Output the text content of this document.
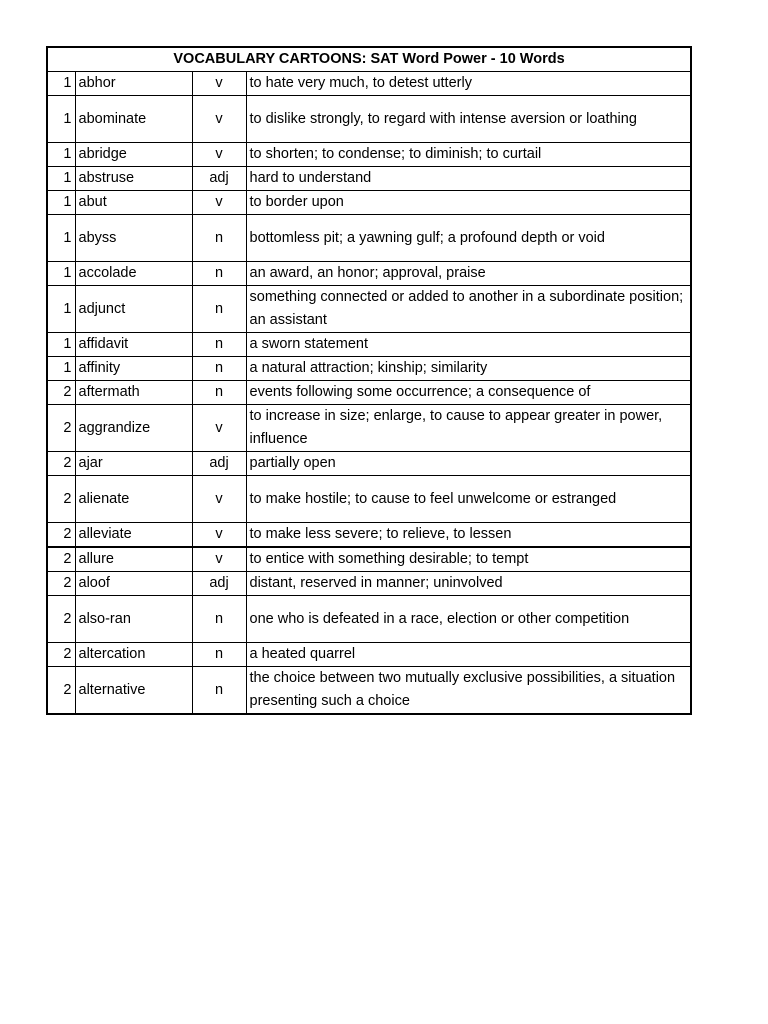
VOCABULARY CARTOONS: SAT Word Power - 10 Words			
1	abhor	v	to hate very much, to detest utterly
1	abominate	v	to dislike strongly, to regard with intense aversion or loathing
1	abridge	v	to shorten; to condense; to diminish; to curtail
1	abstruse	adj	hard to understand
1	abut	v	to border upon
1	abyss	n	bottomless pit; a yawning gulf; a profound depth or void
1	accolade	n	an award, an honor; approval, praise
1	adjunct	n	something connected or added to another in a subordinate position; an assistant
1	affidavit	n	a sworn statement
1	affinity	n	a natural attraction; kinship; similarity
2	aftermath	n	events following some occurrence; a consequence of
2	aggrandize	v	to increase in size; enlarge, to cause to appear greater in power, influence
2	ajar	adj	partially open
2	alienate	v	to make hostile; to cause to feel unwelcome or estranged
2	alleviate	v	to make less severe; to relieve, to lessen
2	allure	v	to entice with something desirable; to tempt
2	aloof	adj	distant, reserved in manner; uninvolved
2	also-ran	n	one who is defeated in a race, election or other competition
2	altercation	n	a heated quarrel
2	alternative	n	the choice between two mutually exclusive possibilities, a situation presenting such a choice
